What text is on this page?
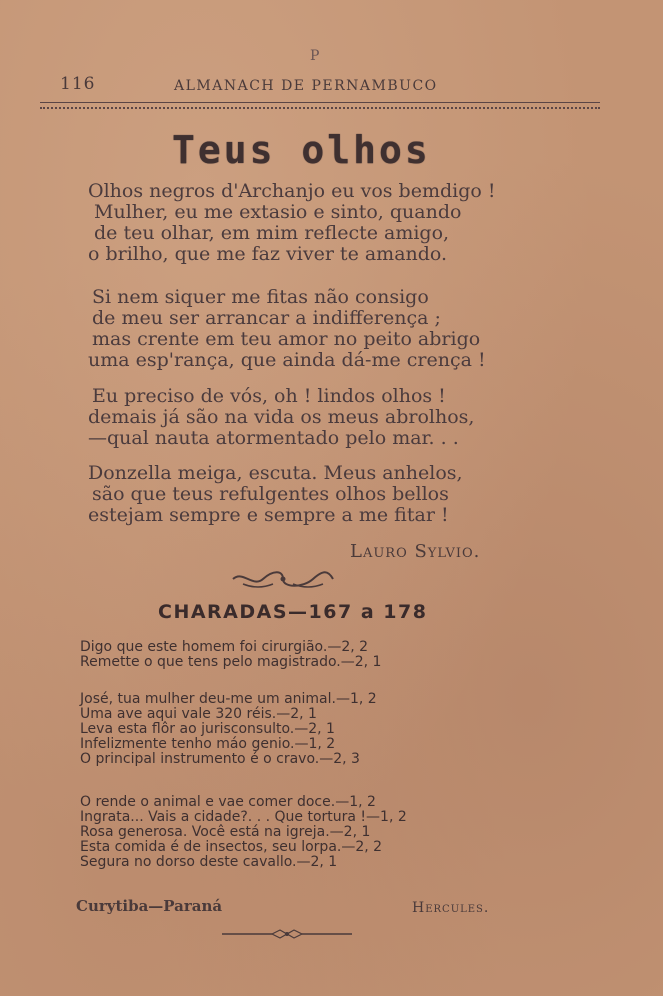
P
116	ALMANACH DE PERNAMBUCO
Teus olhos
Olhos negros d'Archanjo eu vos bemdigo !
Mulher, eu me extasio e sinto, quando
de teu olhar, em mim reflecte amigo,
o brilho, que me faz viver te amando.
Si nem siquer me fitas não consigo
de meu ser arrancar a indifferença ;
mas crente em teu amor no peito abrigo
uma esp'rança, que ainda dá-me crença !
Eu preciso de vós, oh ! lindos olhos !
demais já são na vida os meus abrolhos,
—qual nauta atormentado pelo mar. . .
Donzella meiga, escuta. Meus anhelos,
são que teus refulgentes olhos bellos
estejam sempre e sempre a me fitar !
Lauro Sylvio.
CHARADAS—167 a 178
Digo que este homem foi cirurgião.—2, 2
Remette o que tens pelo magistrado.—2, 1
José, tua mulher deu-me um animal.—1, 2
Uma ave aqui vale 320 réis.—2, 1
Leva esta flôr ao jurisconsulto.—2, 1
Infelizmente tenho máo genio.—1, 2
O principal instrumento é o cravo.—2, 3
O rende o animal e vae comer doce.—1, 2
Ingrata... Vais a cidade?. . . Que tortura !—1, 2
Rosa generosa. Você está na igreja.—2, 1
Esta comida é de insectos, seu lorpa.—2, 2
Segura no dorso deste cavallo.—2, 1
Curytiba—Paraná	Hercules.
